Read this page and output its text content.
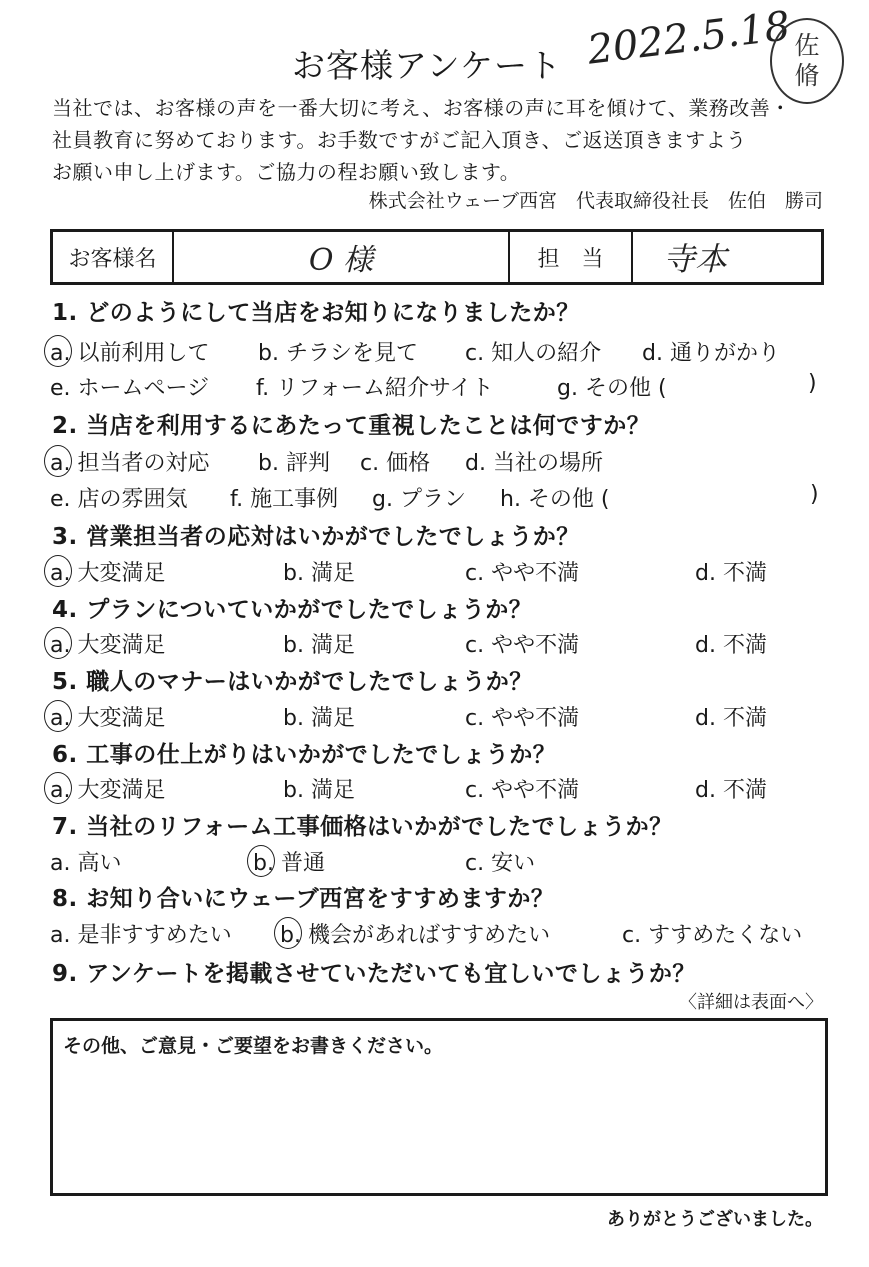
お客様アンケート 2022.5.18 佐
脩
当社では、お客様の声を一番大切に考え、お客様の声に耳を傾けて、業務改善・
社員教育に努めております。お手数ですがご記入頂き、ご返送頂きますよう
お願い申し上げます。ご協力の程お願い致します。
株式会社ウェーブ西宮　代表取締役社長　佐伯　勝司
お客様名	O 様	担　当	寺本
1. どのようにして当店をお知りになりましたか？
a. 以前利用して b. チラシを見て c. 知人の紹介 d. 通りがかり
e. ホームページ f. リフォーム紹介サイト	g. その他 (	)
2. 当店を利用するにあたって重視したことは何ですか？
a. 担当者の対応 b. 評判 c. 価格 d. 当社の場所
e. 店の雰囲気 f. 施工事例 g. プラン h. その他 (	)
3. 営業担当者の応対はいかがでしたでしょうか？
a. 大変満足	b. 満足	c. やや不満	d. 不満
4. プランについていかがでしたでしょうか？
a. 大変満足	b. 満足	c. やや不満	d. 不満
5. 職人のマナーはいかがでしたでしょうか？
a. 大変満足	b. 満足	c. やや不満	d. 不満
6. 工事の仕上がりはいかがでしたでしょうか？
a. 大変満足	b. 満足	c. やや不満	d. 不満
7. 当社のリフォーム工事価格はいかがでしたでしょうか？
a. 高い	b. 普通	c. 安い
8. お知り合いにウェーブ西宮をすすめますか？
a. 是非すすめたい b. 機会があればすすめたい	c. すすめたくない
9. アンケートを掲載させていただいても宜しいでしょうか？
〈詳細は表面へ〉
その他、ご意見・ご要望をお書きください。
ありがとうございました。
